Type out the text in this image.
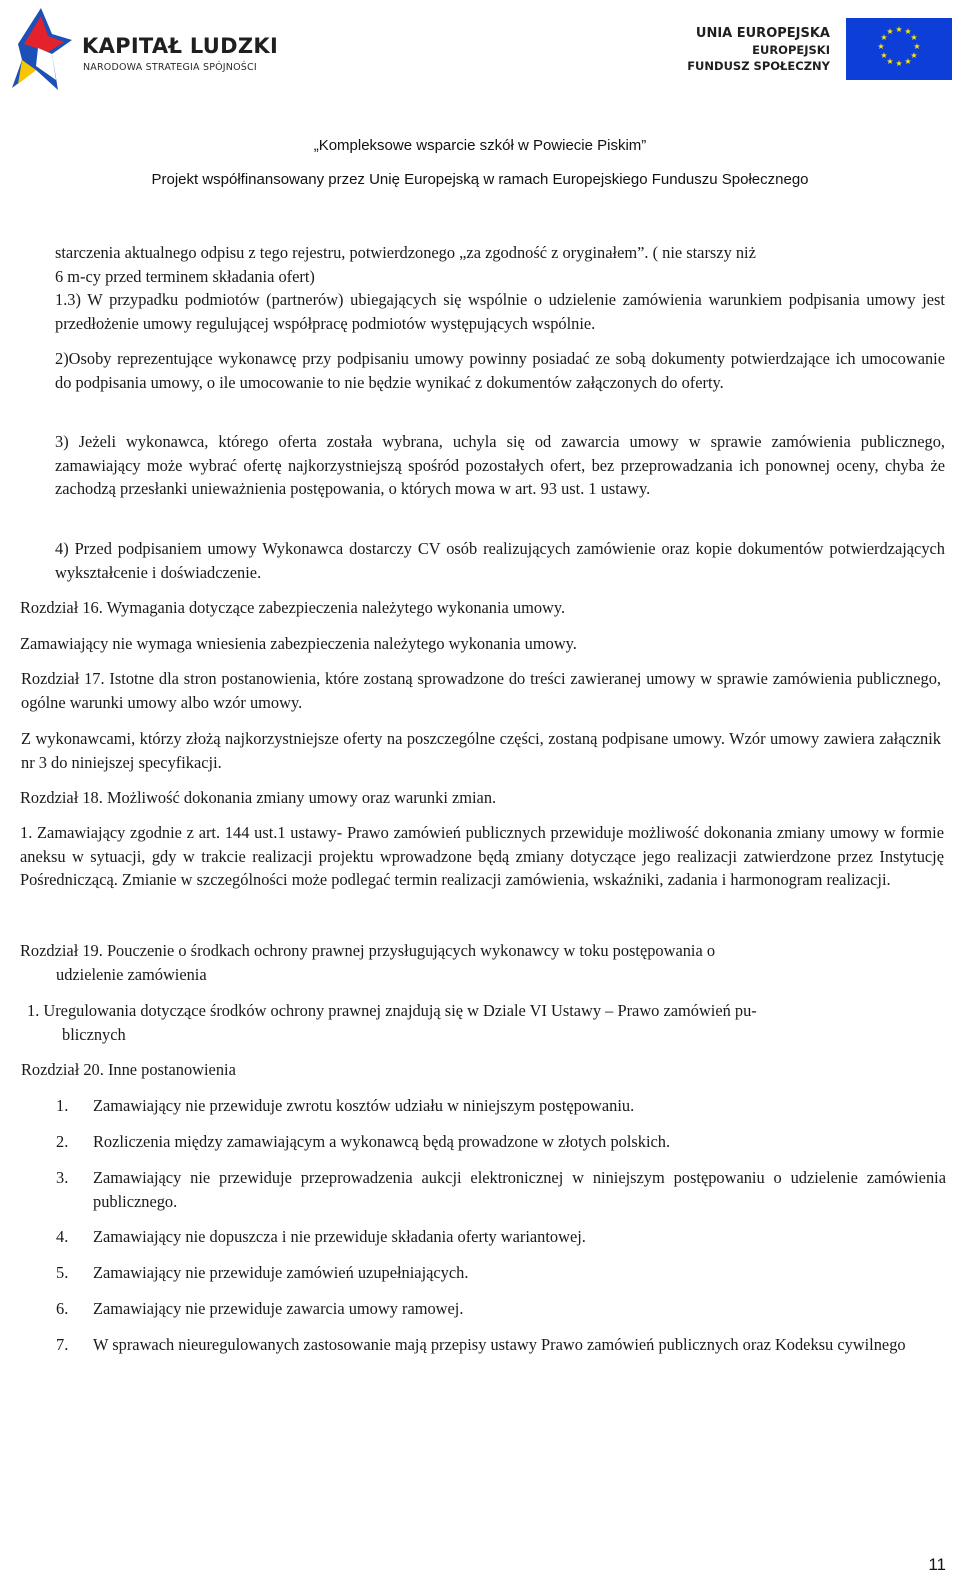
KAPITAŁ LUDZKI
NARODOWA STRATEGIA SPÓJNOŚCI
UNIA EUROPEJSKA
EUROPEJSKI
FUNDUSZ SPOŁECZNY
★ ★
★
★
★
★
★
★
★
★
★
★
„Kompleksowe wsparcie szkół w Powiecie Piskim”
Projekt współfinansowany przez Unię Europejską w ramach Europejskiego Funduszu Społecznego
starczenia aktualnego odpisu z tego rejestru, potwierdzonego „za zgodność z oryginałem”. ( nie starszy niż
6 m-cy przed terminem składania ofert)
1.3) W przypadku podmiotów (partnerów) ubiegających się wspólnie o udzielenie zamówienia warunkiem podpisania umowy jest przedłożenie umowy regulującej współpracę podmiotów występujących wspólnie.
2)Osoby reprezentujące wykonawcę przy podpisaniu umowy powinny posiadać ze sobą dokumenty potwierdzające ich umocowanie do podpisania umowy, o ile umocowanie to nie będzie wynikać z dokumentów załączonych do oferty.
3) Jeżeli wykonawca, którego oferta została wybrana, uchyla się od zawarcia umowy w sprawie zamówienia publicznego, zamawiający może wybrać ofertę najkorzystniejszą spośród pozostałych ofert, bez przeprowadzania ich ponownej oceny, chyba że zachodzą przesłanki unieważnienia postępowania, o których mowa w art. 93 ust. 1 ustawy.
4) Przed podpisaniem umowy Wykonawca dostarczy CV osób realizujących zamówienie oraz kopie dokumentów potwierdzających wykształcenie i doświadczenie.
Rozdział 16. Wymagania dotyczące zabezpieczenia należytego wykonania umowy.
Zamawiający nie wymaga wniesienia zabezpieczenia należytego wykonania umowy.
Rozdział 17. Istotne dla stron postanowienia, które zostaną sprowadzone do treści zawieranej umowy w sprawie zamówienia publicznego, ogólne warunki umowy albo wzór umowy.
Z wykonawcami, którzy złożą najkorzystniejsze oferty na poszczególne części, zostaną podpisane umowy. Wzór umowy zawiera załącznik nr 3 do niniejszej specyfikacji.
Rozdział 18. Możliwość dokonania zmiany umowy oraz warunki zmian.
1. Zamawiający zgodnie z art. 144 ust.1 ustawy- Prawo zamówień publicznych przewiduje możliwość dokonania zmiany umowy w formie aneksu w sytuacji, gdy w trakcie realizacji projektu wprowadzone będą zmiany dotyczące jego realizacji zatwierdzone przez Instytucję Pośredniczącą. Zmianie w szczególności może podlegać termin realizacji zamówienia, wskaźniki, zadania i harmonogram realizacji.
Rozdział 19. Pouczenie o środkach ochrony prawnej przysługujących wykonawcy w toku postępowania o
udzielenie zamówienia
1. Uregulowania dotyczące środków ochrony prawnej znajdują się w Dziale VI Ustawy – Prawo zamówień pu-
blicznych
Rozdział 20. Inne postanowienia
1. Zamawiający nie przewiduje zwrotu kosztów udziału w niniejszym postępowaniu.
2. Rozliczenia między zamawiającym a wykonawcą będą prowadzone w złotych polskich.
3. Zamawiający nie przewiduje przeprowadzenia aukcji elektronicznej w niniejszym postępowaniu o udzielenie zamówienia publicznego.
4. Zamawiający nie dopuszcza i nie przewiduje składania oferty wariantowej.
5. Zamawiający nie przewiduje zamówień uzupełniających.
6. Zamawiający nie przewiduje zawarcia umowy ramowej.
7. W sprawach nieuregulowanych zastosowanie mają przepisy ustawy Prawo zamówień publicznych oraz Kodeksu cywilnego
11
